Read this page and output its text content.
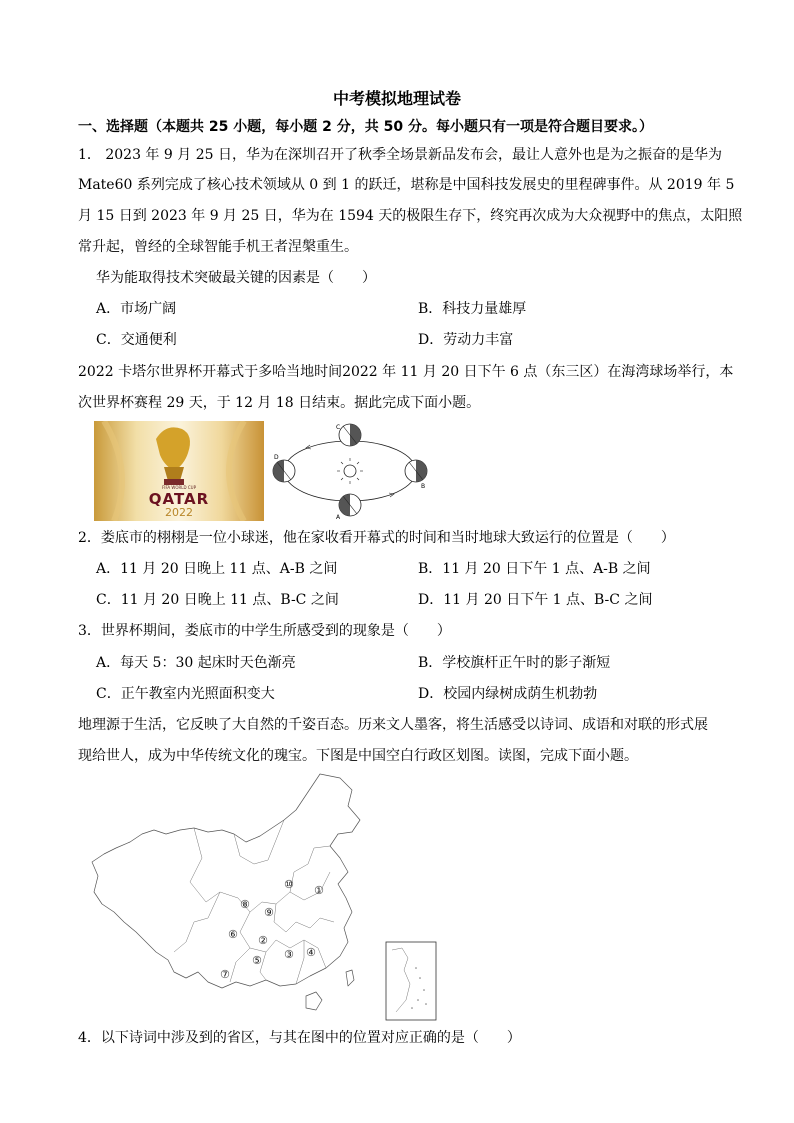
中考模拟地理试卷
一、选择题（本题共 25 小题，每小题 2 分，共 50 分。每小题只有一项是符合题目要求。）
1． 2023 年 9 月 25 日，华为在深圳召开了秋季全场景新品发布会，最让人意外也是为之振奋的是华为
Mate60 系列完成了核心技术领域从 0 到 1 的跃迁，堪称是中国科技发展史的里程碑事件。从 2019 年 5
月 15 日到 2023 年 9 月 25 日，华为在 1594 天的极限生存下，终究再次成为大众视野中的焦点，太阳照
常升起，曾经的全球智能手机王者涅槃重生。
华为能取得技术突破最关键的因素是（　　）
A．市场广阔	B．科技力量雄厚
C．交通便利	D．劳动力丰富
2022 卡塔尔世界杯开幕式于多哈当地时间2022 年 11 月 20 日下午 6 点（东三区）在海湾球场举行，本
次世界杯赛程 29 天，于 12 月 18 日结束。据此完成下面小题。
FIFA WORLD CUP
QATAR
2022
C
D
B
A
2．娄底市的栩栩是一位小球迷，他在家收看开幕式的时间和当时地球大致运行的位置是（　　）
A．11 月 20 日晚上 11 点、A-B 之间	B．11 月 20 日下午 1 点、A-B 之间
C．11 月 20 日晚上 11 点、B-C 之间	D．11 月 20 日下午 1 点、B-C 之间
3．世界杯期间，娄底市的中学生所感受到的现象是（　　）
A．每天 5：30 起床时天色渐亮	B．学校旗杆正午时的影子渐短
C．正午教室内光照面积变大	D．校园内绿树成荫生机勃勃
地理源于生活，它反映了大自然的千姿百态。历来文人墨客，将生活感受以诗词、成语和对联的形式展
现给世人，成为中华传统文化的瑰宝。下图是中国空白行政区划图。读图，完成下面小题。
①
②
③ ④
⑤
⑥
⑦
⑧
⑨
⑩
4．以下诗词中涉及到的省区，与其在图中的位置对应正确的是（　　）
